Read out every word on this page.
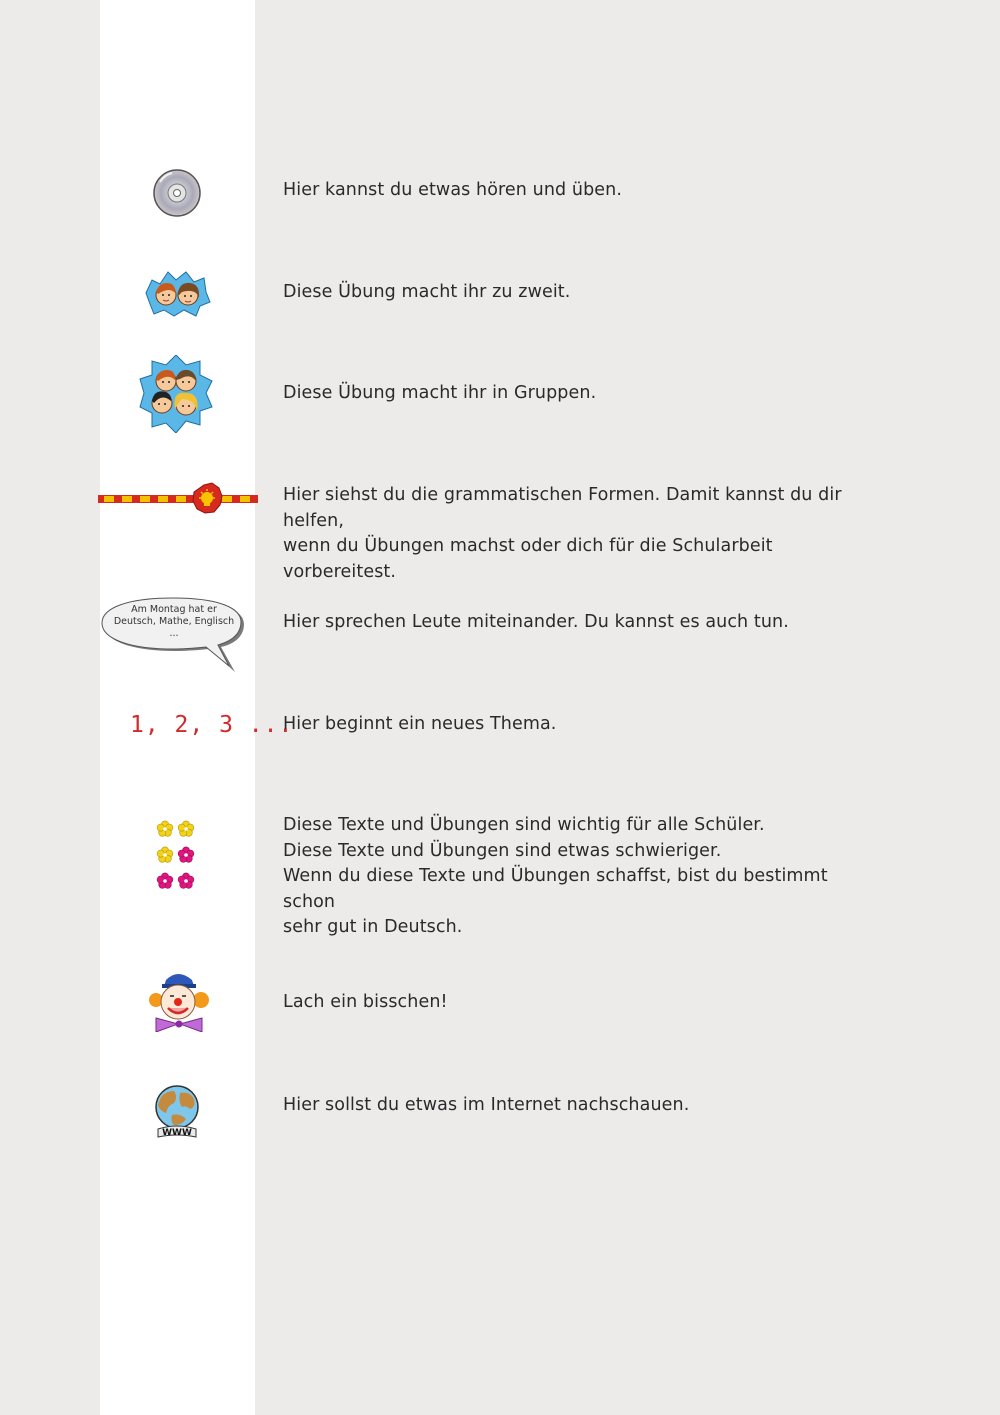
Hier kannst du etwas hören und üben.
Diese Übung macht ihr zu zweit.
Diese Übung macht ihr in Gruppen.

Hier siehst du die grammatischen Formen. Damit kannst du dir helfen,

wenn du Übungen machst oder dich für die Schularbeit vorbereitest.

Am Montag hat er
Deutsch, Mathe, Englisch
...
Hier sprechen Leute miteinander. Du kannst es auch tun.
1, 2, 3 ...
Hier beginnt ein neues Thema.

Diese Texte und Übungen sind wichtig für alle Schüler.

Diese Texte und Übungen sind etwas schwieriger.

Wenn du diese Texte und Übungen schaffst, bist du bestimmt schon

sehr gut in Deutsch.

Lach ein bisschen!
WWW
Hier sollst du etwas im Internet nachschauen.
